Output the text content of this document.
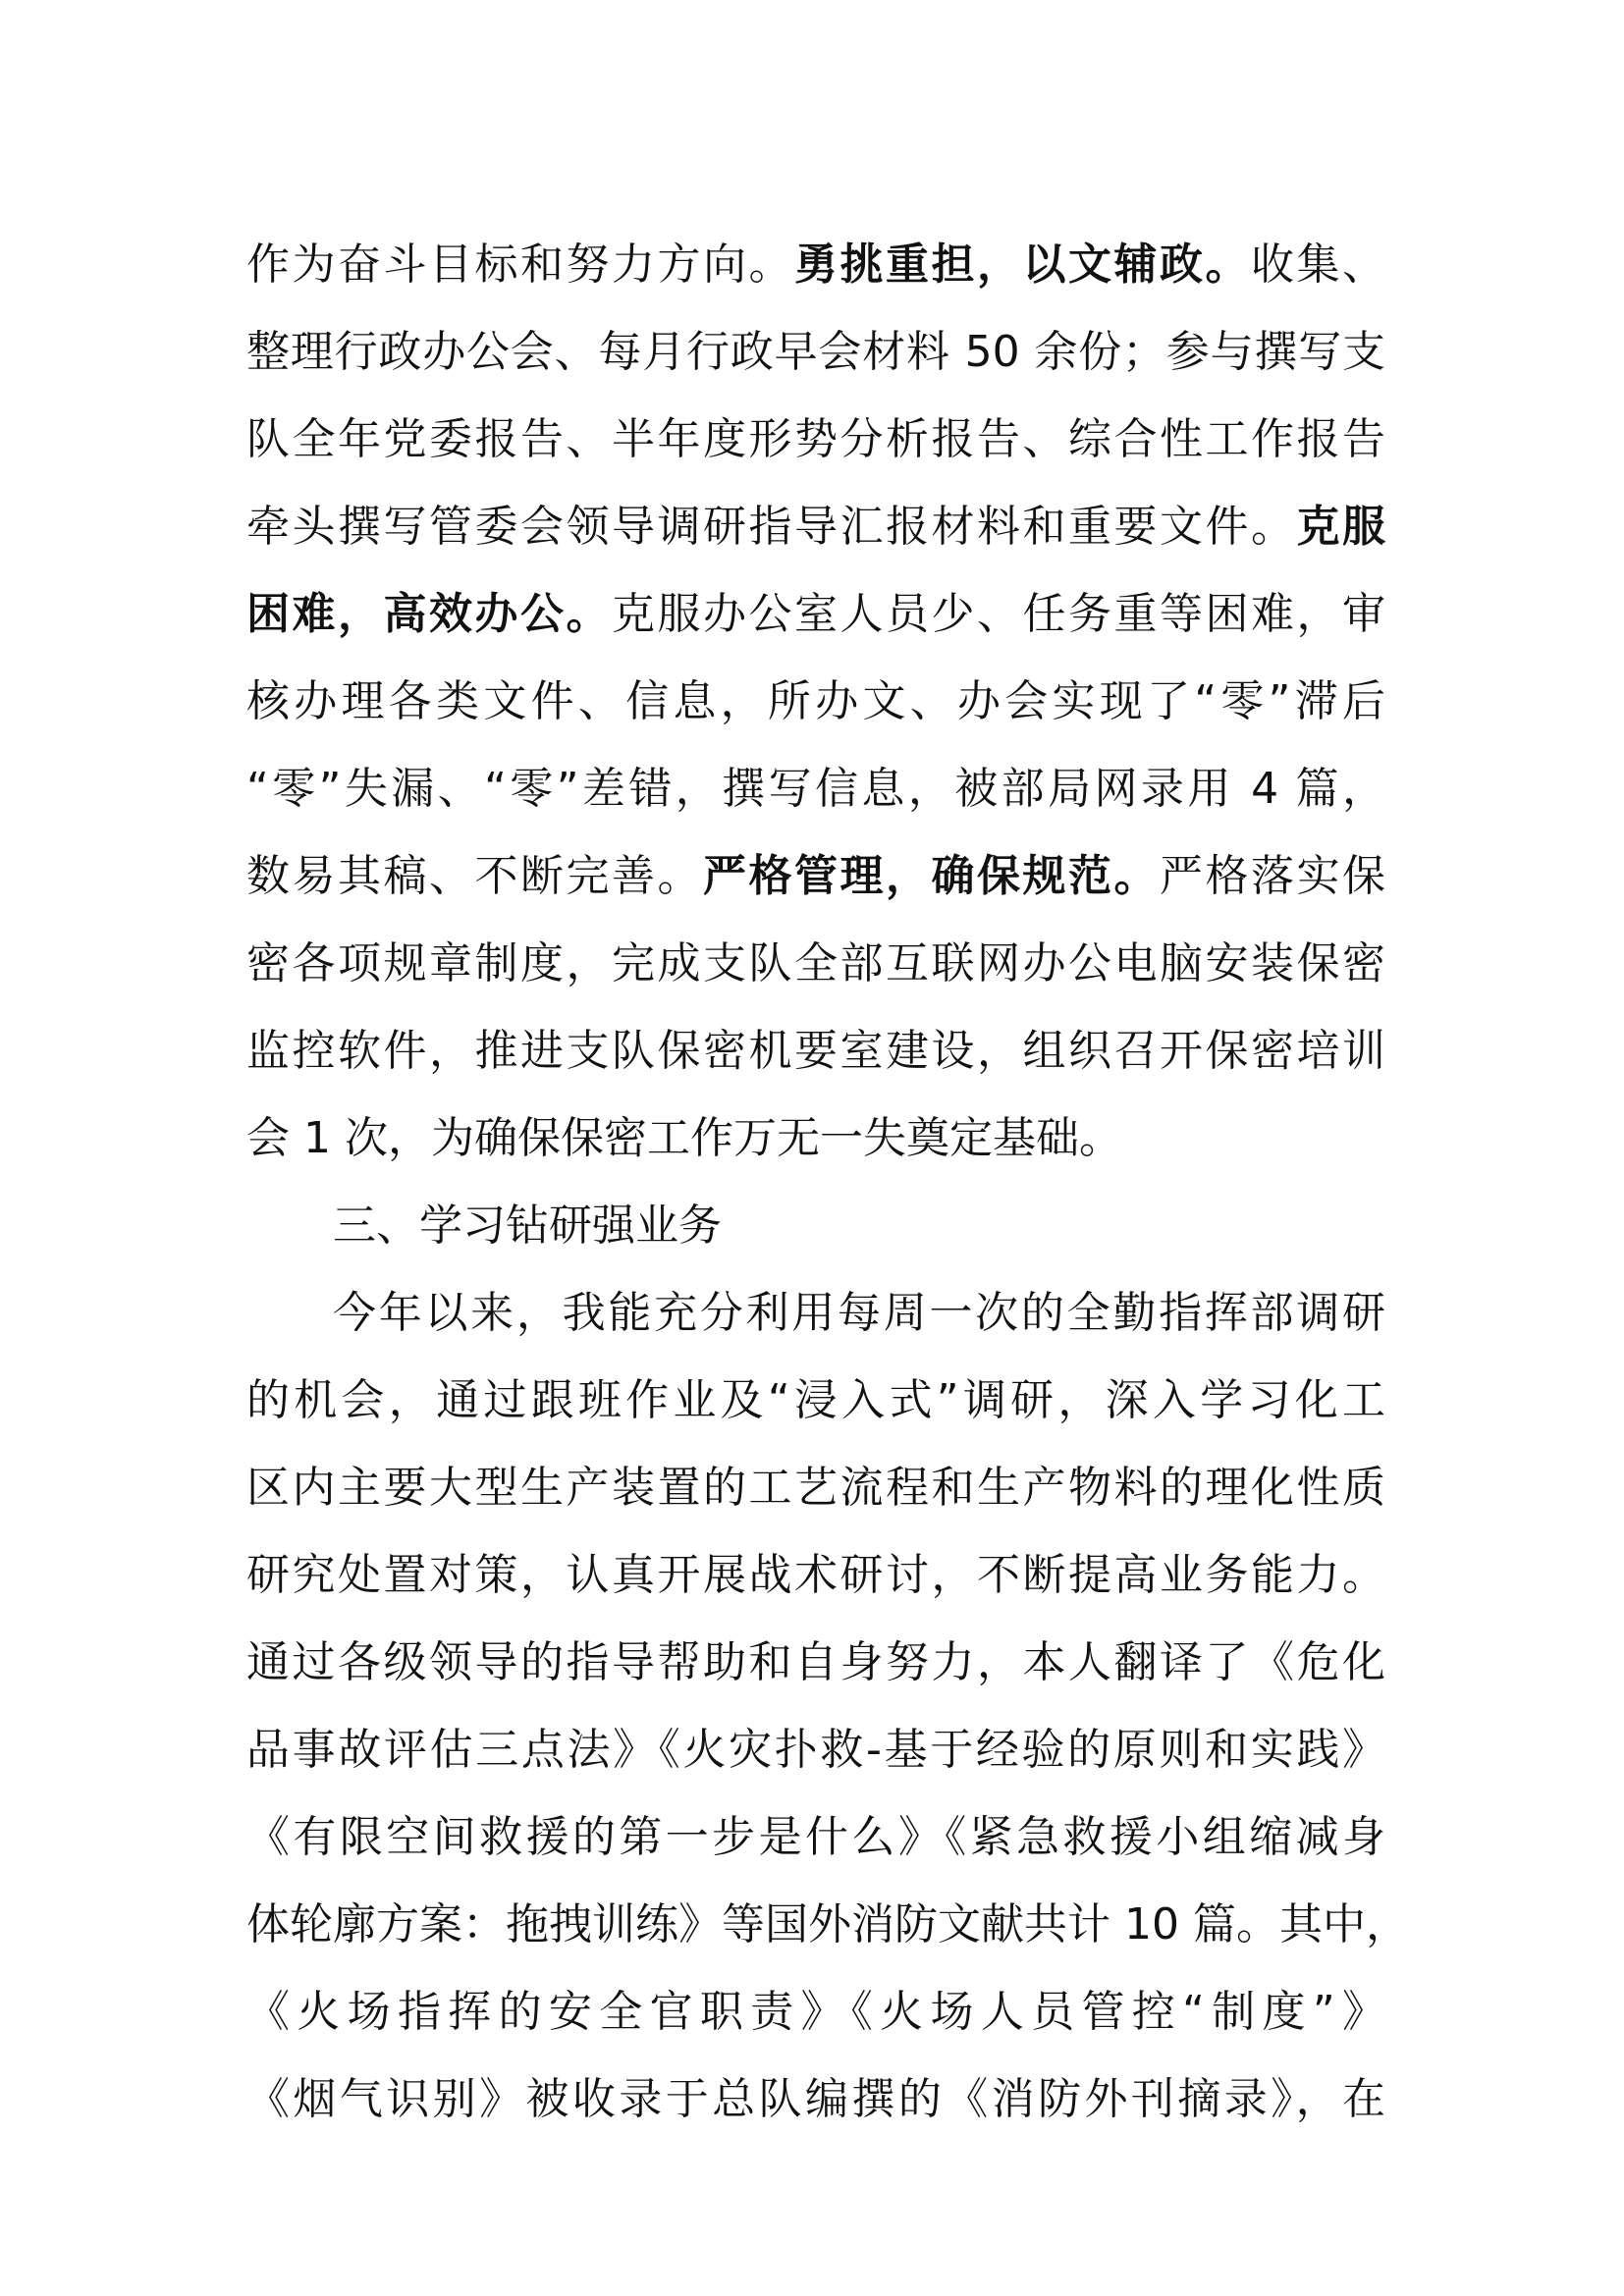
作为奋斗目标和努力方向。勇挑重担，以文辅政。收集、
整理行政办公会、每月行政早会材料 50 余份；参与撰写支
队全年党委报告、半年度形势分析报告、综合性工作报告
牵头撰写管委会领导调研指导汇报材料和重要文件。克服
困难，高效办公。克服办公室人员少、任务重等困难，审
核办理各类文件、信息，所办文、办会实现了“零”滞后
“零”失漏、“零”差错，撰写信息，被部局网录用 4 篇，
数易其稿、不断完善。严格管理，确保规范。严格落实保
密各项规章制度，完成支队全部互联网办公电脑安装保密
监控软件，推进支队保密机要室建设，组织召开保密培训
会 1 次，为确保保密工作万无一失奠定基础。
三、学习钻研强业务
今年以来，我能充分利用每周一次的全勤指挥部调研
的机会，通过跟班作业及“浸入式”调研，深入学习化工
区内主要大型生产装置的工艺流程和生产物料的理化性质
研究处置对策，认真开展战术研讨，不断提高业务能力。
通过各级领导的指导帮助和自身努力，本人翻译了《危化
品事故评估三点法》《火灾扑救-基于经验的原则和实践》
《有限空间救援的第一步是什么》《紧急救援小组缩减身
体轮廓方案：拖拽训练》等国外消防文献共计 10 篇。其中，
《火场指挥的安全官职责》《火场人员管控“制度”》
《烟气识别》被收录于总队编撰的《消防外刊摘录》，在
